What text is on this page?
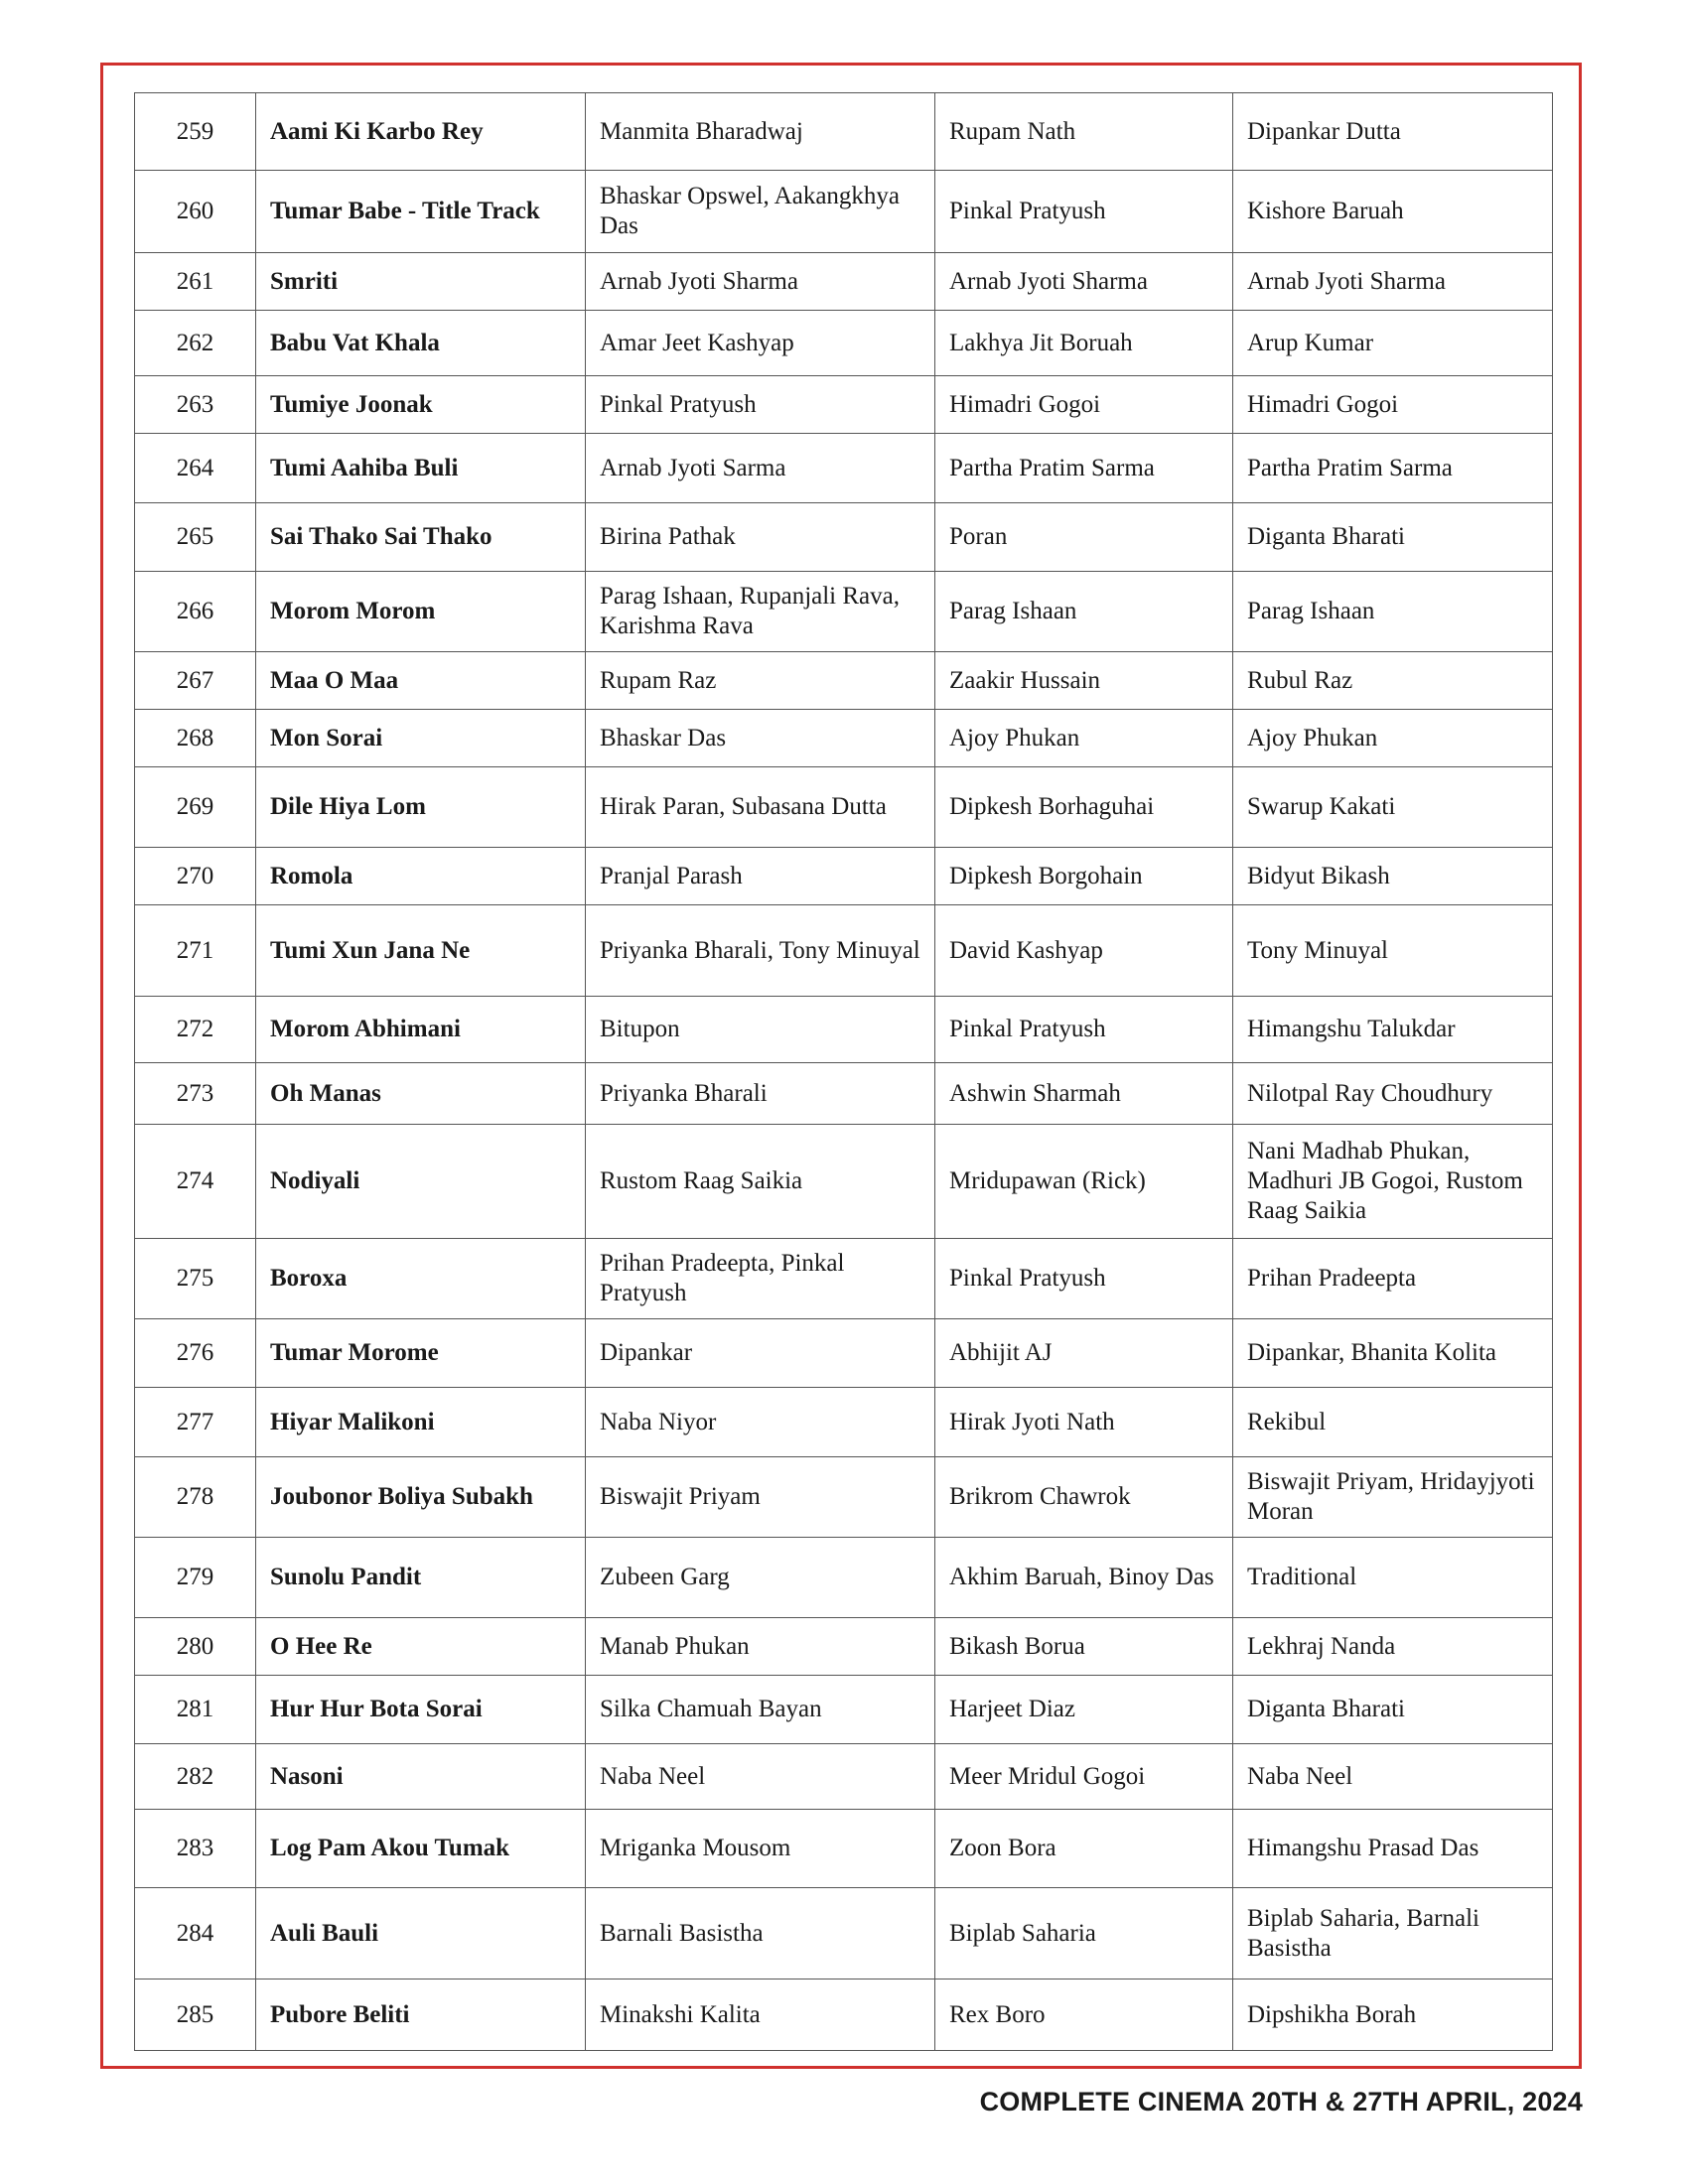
259	Aami Ki Karbo Rey	Manmita Bharadwaj	Rupam Nath	Dipankar Dutta
260	Tumar Babe - Title Track	Bhaskar Opswel, Aakangkhya Das	Pinkal Pratyush	Kishore Baruah
261	Smriti	Arnab Jyoti Sharma	Arnab Jyoti Sharma	Arnab Jyoti Sharma
262	Babu Vat Khala	Amar Jeet Kashyap	Lakhya Jit Boruah	Arup Kumar
263	Tumiye Joonak	Pinkal Pratyush	Himadri Gogoi	Himadri Gogoi
264	Tumi Aahiba Buli	Arnab Jyoti Sarma	Partha Pratim Sarma	Partha Pratim Sarma
265	Sai Thako Sai Thako	Birina Pathak	Poran	Diganta Bharati
266	Morom Morom	Parag Ishaan, Rupanjali Rava, Karishma Rava	Parag Ishaan	Parag Ishaan
267	Maa O Maa	Rupam Raz	Zaakir Hussain	Rubul Raz
268	Mon Sorai	Bhaskar Das	Ajoy Phukan	Ajoy Phukan
269	Dile Hiya Lom	Hirak Paran, Subasana Dutta	Dipkesh Borhaguhai	Swarup Kakati
270	Romola	Pranjal Parash	Dipkesh Borgohain	Bidyut Bikash
271	Tumi Xun Jana Ne	Priyanka Bharali, Tony Minuyal	David Kashyap	Tony Minuyal
272	Morom Abhimani	Bitupon	Pinkal Pratyush	Himangshu Talukdar
273	Oh Manas	Priyanka Bharali	Ashwin Sharmah	Nilotpal Ray Choudhury
274	Nodiyali	Rustom Raag Saikia	Mridupawan (Rick)	Nani Madhab Phukan, Madhuri JB Gogoi, Rustom Raag Saikia
275	Boroxa	Prihan Pradeepta, Pinkal Pratyush	Pinkal Pratyush	Prihan Pradeepta
276	Tumar Morome	Dipankar	Abhijit AJ	Dipankar, Bhanita Kolita
277	Hiyar Malikoni	Naba Niyor	Hirak Jyoti Nath	Rekibul
278	Joubonor Boliya Subakh	Biswajit Priyam	Brikrom Chawrok	Biswajit Priyam, Hridayjyoti Moran
279	Sunolu Pandit	Zubeen Garg	Akhim Baruah, Binoy Das	Traditional
280	O Hee Re	Manab Phukan	Bikash Borua	Lekhraj Nanda
281	Hur Hur Bota Sorai	Silka Chamuah Bayan	Harjeet Diaz	Diganta Bharati
282	Nasoni	Naba Neel	Meer Mridul Gogoi	Naba Neel
283	Log Pam Akou Tumak	Mriganka Mousom	Zoon Bora	Himangshu Prasad Das
284	Auli Bauli	Barnali Basistha	Biplab Saharia	Biplab Saharia, Barnali Basistha
285	Pubore Beliti	Minakshi Kalita	Rex Boro	Dipshikha Borah
COMPLETE CINEMA 20TH & 27TH APRIL, 2024
